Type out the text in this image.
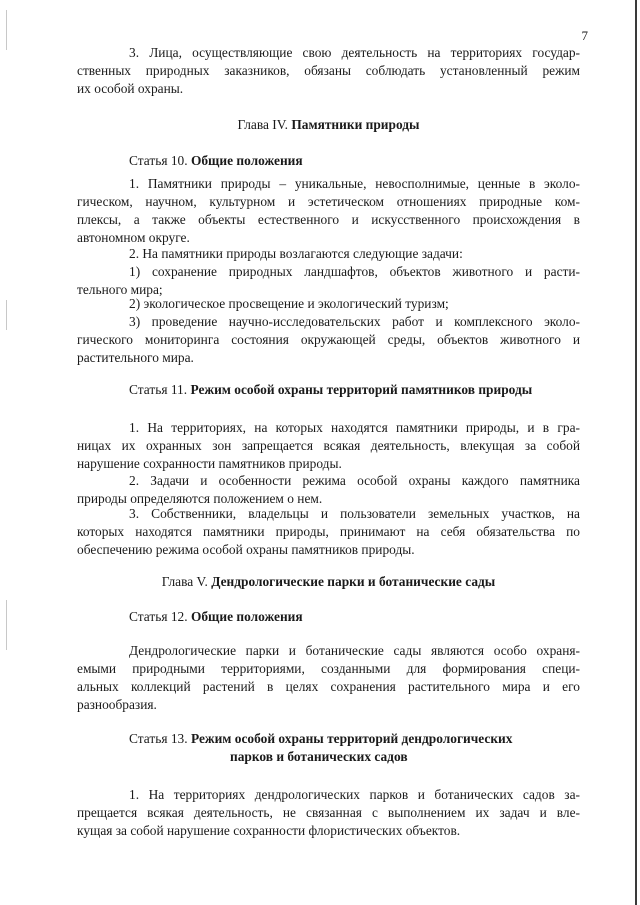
7
3. Лица, осуществляющие свою деятельность на территориях государ-
ственных природных заказников, обязаны соблюдать установленный режим
их особой охраны.
Глава IV. Памятники природы
Статья 10. Общие положения
1. Памятники природы – уникальные, невосполнимые, ценные в эколо-
гическом, научном, культурном и эстетическом отношениях природные ком-
плексы, а также объекты естественного и искусственного происхождения в
автономном округе.
2. На памятники природы возлагаются следующие задачи:
1) сохранение природных ландшафтов, объектов животного и расти-
тельного мира;
2) экологическое просвещение и экологический туризм;
3) проведение научно-исследовательских работ и комплексного эколо-
гического мониторинга состояния окружающей среды, объектов животного и
растительного мира.
Статья 11. Режим особой охраны территорий памятников природы
1. На территориях, на которых находятся памятники природы, и в гра-
ницах их охранных зон запрещается всякая деятельность, влекущая за собой
нарушение сохранности памятников природы.
2. Задачи и особенности режима особой охраны каждого памятника
природы определяются положением о нем.
3. Собственники, владельцы и пользователи земельных участков, на
которых находятся памятники природы, принимают на себя обязательства по
обеспечению режима особой охраны памятников природы.
Глава V. Дендрологические парки и ботанические сады
Статья 12. Общие положения
Дендрологические парки и ботанические сады являются особо охраня-
емыми природными территориями, созданными для формирования специ-
альных коллекций растений в целях сохранения растительного мира и его
разнообразия.
Статья 13. Режим особой охраны территорий дендрологических
парков и ботанических садов
1. На территориях дендрологических парков и ботанических садов за-
прещается всякая деятельность, не связанная с выполнением их задач и вле-
кущая за собой нарушение сохранности флористических объектов.
